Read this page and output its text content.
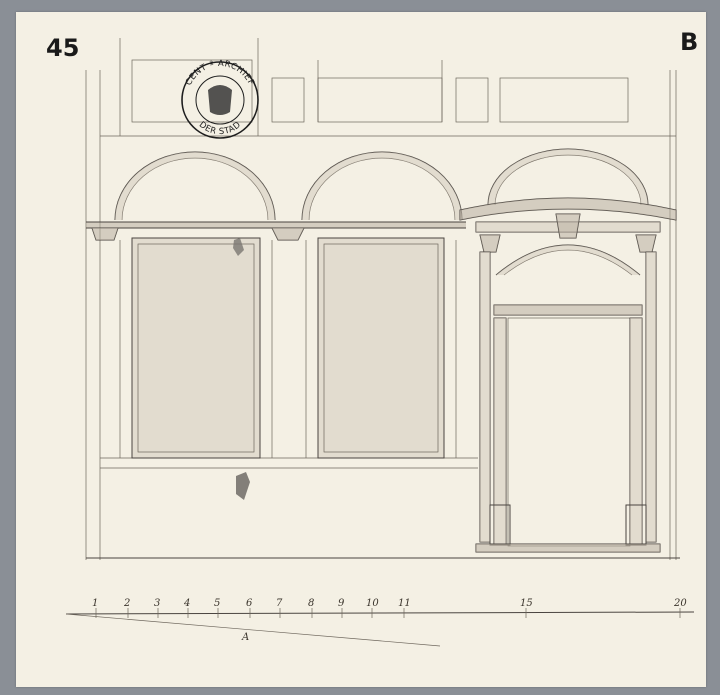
45	B
1	2 3 4 5	6 7	8 9 10 11	15	20
A
CENT ª ARCHIEF
DER STAD
